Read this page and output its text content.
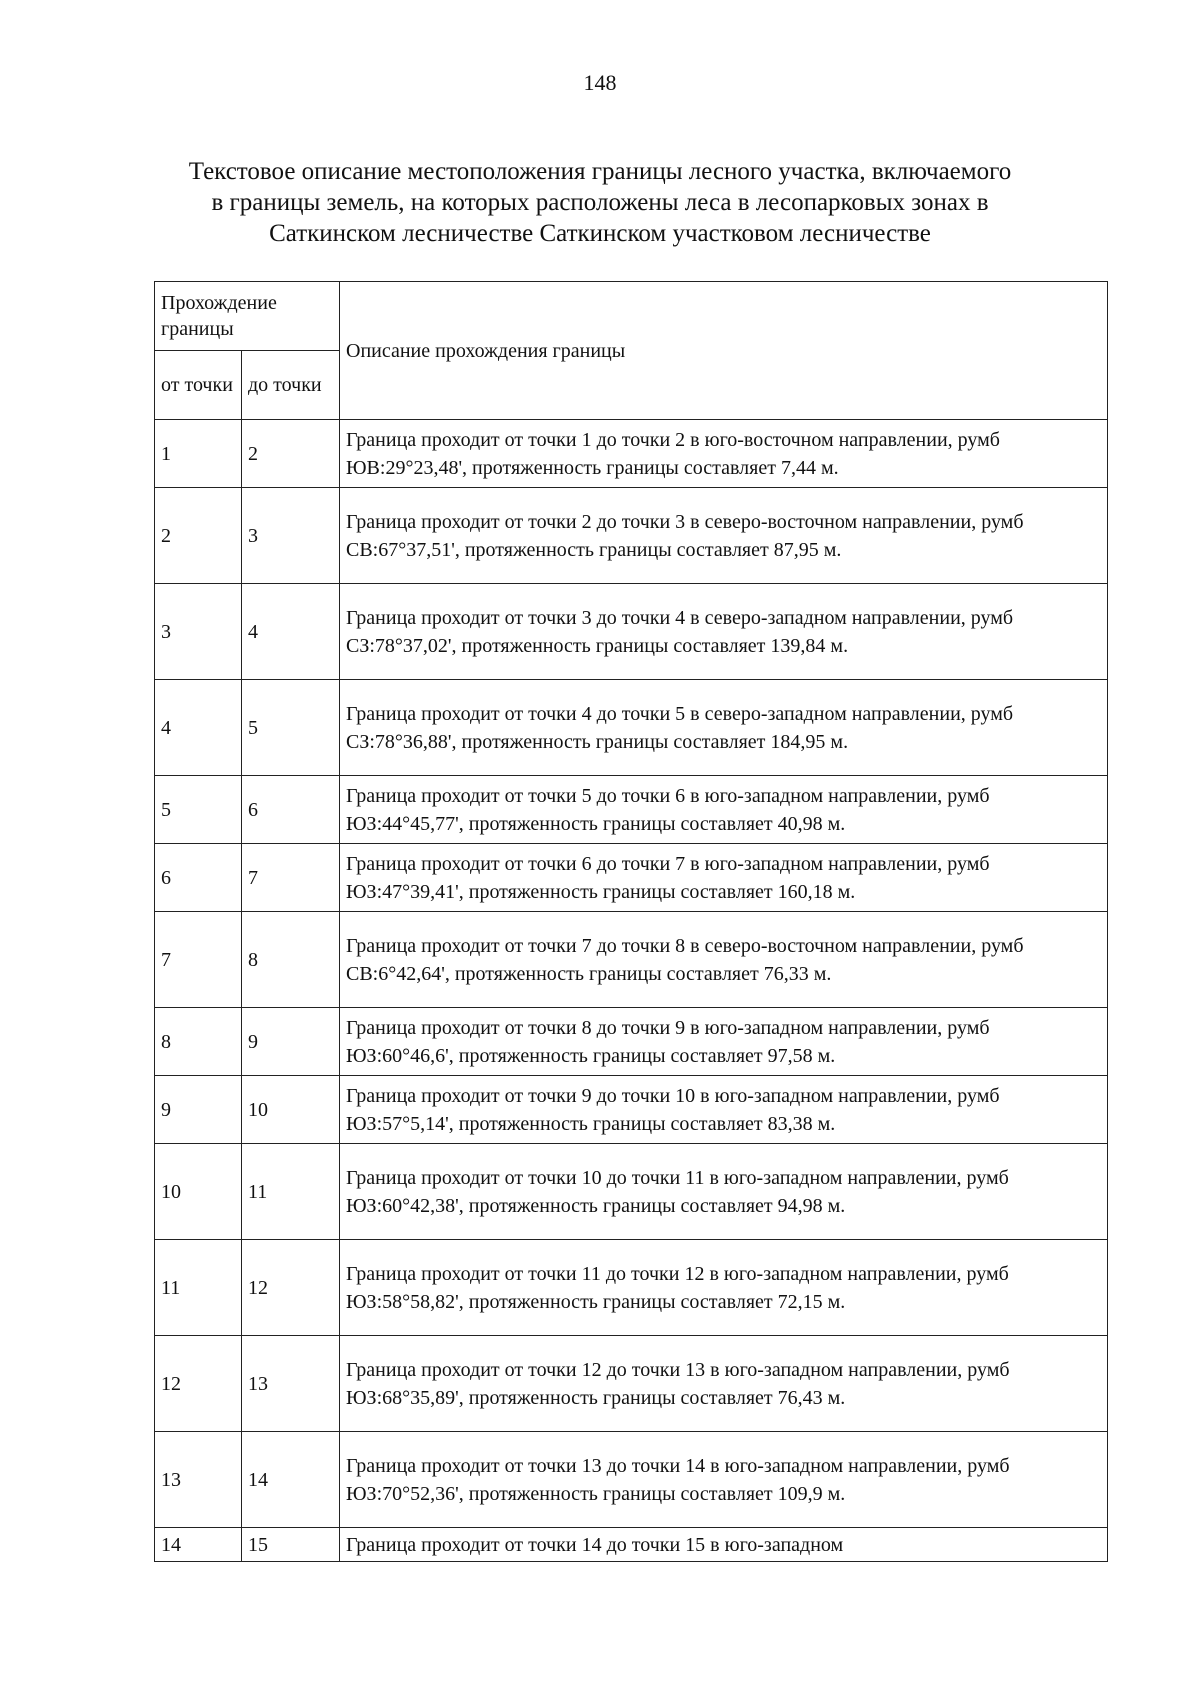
148
Текстовое описание местоположения границы лесного участка, включаемого
в границы земель, на которых расположены леса в лесопарковых зонах в
Саткинском лесничестве Саткинском участковом лесничестве
Прохождение границы		Описание прохождения границы
от точки	до точки	
1	2	Граница проходит от точки 1 до точки 2 в юго-восточном направлении, румб ЮВ:29°23,48', протяженность границы составляет 7,44 м.
2	3	Граница проходит от точки 2 до точки 3 в северо-восточном направлении, румб СВ:67°37,51', протяженность границы составляет 87,95 м.
3	4	Граница проходит от точки 3 до точки 4 в северо-западном направлении, румб СЗ:78°37,02', протяженность границы составляет 139,84 м.
4	5	Граница проходит от точки 4 до точки 5 в северо-западном направлении, румб СЗ:78°36,88', протяженность границы составляет 184,95 м.
5	6	Граница проходит от точки 5 до точки 6 в юго-западном направлении, румб ЮЗ:44°45,77', протяженность границы составляет 40,98 м.
6	7	Граница проходит от точки 6 до точки 7 в юго-западном направлении, румб ЮЗ:47°39,41', протяженность границы составляет 160,18 м.
7	8	Граница проходит от точки 7 до точки 8 в северо-восточном направлении, румб СВ:6°42,64', протяженность границы составляет 76,33 м.
8	9	Граница проходит от точки 8 до точки 9 в юго-западном направлении, румб ЮЗ:60°46,6', протяженность границы составляет 97,58 м.
9	10	Граница проходит от точки 9 до точки 10 в юго-западном направлении, румб ЮЗ:57°5,14', протяженность границы составляет 83,38 м.
10	11	Граница проходит от точки 10 до точки 11 в юго-западном направлении, румб ЮЗ:60°42,38', протяженность границы составляет 94,98 м.
11	12	Граница проходит от точки 11 до точки 12 в юго-западном направлении, румб ЮЗ:58°58,82', протяженность границы составляет 72,15 м.
12	13	Граница проходит от точки 12 до точки 13 в юго-западном направлении, румб ЮЗ:68°35,89', протяженность границы составляет 76,43 м.
13	14	Граница проходит от точки 13 до точки 14 в юго-западном направлении, румб ЮЗ:70°52,36', протяженность границы составляет 109,9 м.
14	15	Граница проходит от точки 14 до точки 15 в юго-западном
